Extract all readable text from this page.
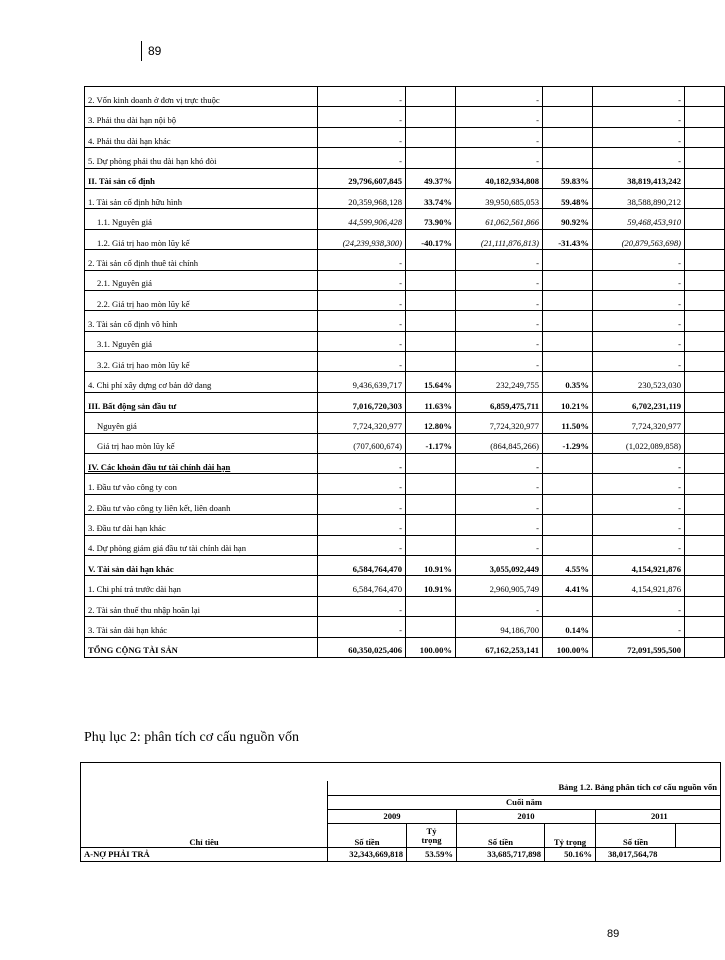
89
2. Vốn kinh doanh ở đơn vị trực thuộc	-		-		-	
3. Phải thu dài hạn nội bộ	-		-		-	
4. Phải thu dài hạn khác	-		-		-	
5. Dự phòng phải thu dài hạn khó đòi	-		-		-	
II. Tài sản cố định	29,796,607,845	49.37%	40,182,934,808	59.83%	38,819,413,242	
1. Tài sản cố định hữu hình	20,359,968,128	33.74%	39,950,685,053	59.48%	38,588,890,212	
1.1. Nguyên giá	44,599,906,428	73.90%	61,062,561,866	90.92%	59,468,453,910	
1.2. Giá trị hao mòn lũy kế	(24,239,938,300)	-40.17%	(21,111,876,813)	-31.43%	(20,879,563,698)	
2. Tài sản cố định thuê tài chính	-		-		-	
2.1. Nguyên giá	-		-		-	
2.2. Giá trị hao mòn lũy kế	-		-		-	
3. Tài sản cố định vô hình	-		-		-	
3.1. Nguyên giá	-		-		-	
3.2. Giá trị hao mòn lũy kế	-		-		-	
4. Chi phí xây dựng cơ bản dở dang	9,436,639,717	15.64%	232,249,755	0.35%	230,523,030	
III. Bất động sản đầu tư	7,016,720,303	11.63%	6,859,475,711	10.21%	6,702,231,119	
Nguyên giá	7,724,320,977	12.80%	7,724,320,977	11.50%	7,724,320,977	
Giá trị hao mòn lũy kế	(707,600,674)	-1.17%	(864,845,266)	-1.29%	(1,022,089,858)	
IV. Các khoản đầu tư tài chính dài hạn	-		-		-	
1. Đầu tư vào công ty con	-		-		-	
2. Đầu tư vào công ty liên kết, liên doanh	-		-		-	
3. Đầu tư dài hạn khác	-		-		-	
4. Dự phòng giảm giá đầu tư tài chính dài hạn	-		-		-	
V. Tài sản dài hạn khác	6,584,764,470	10.91%	3,055,092,449	4.55%	4,154,921,876	
1. Chi phí trả trước dài hạn	6,584,764,470	10.91%	2,960,905,749	4.41%	4,154,921,876	
2. Tài sản thuế thu nhập hoãn lại	-		-		-	
3. Tài sản dài hạn khác	-		94,186,700	0.14%	-	
TỔNG CỘNG TÀI SẢN	60,350,025,406	100.00%	67,162,253,141	100.00%	72,091,595,500	
Phụ lục 2: phân tích cơ cấu nguồn vốn

	Bảng 1.2. Bảng phân tích cơ cấu nguồn vốn					
	Cuối năm					
	2009		2010		2011	
Chỉ tiêu	Số tiền	Tỷ trọng	Số tiền	Tỷ trọng	Số tiền	
A-NỢ PHẢI TRẢ	32,343,669,818	53.59%	33,685,717,898	50.16%	38,017,564,78	
89
